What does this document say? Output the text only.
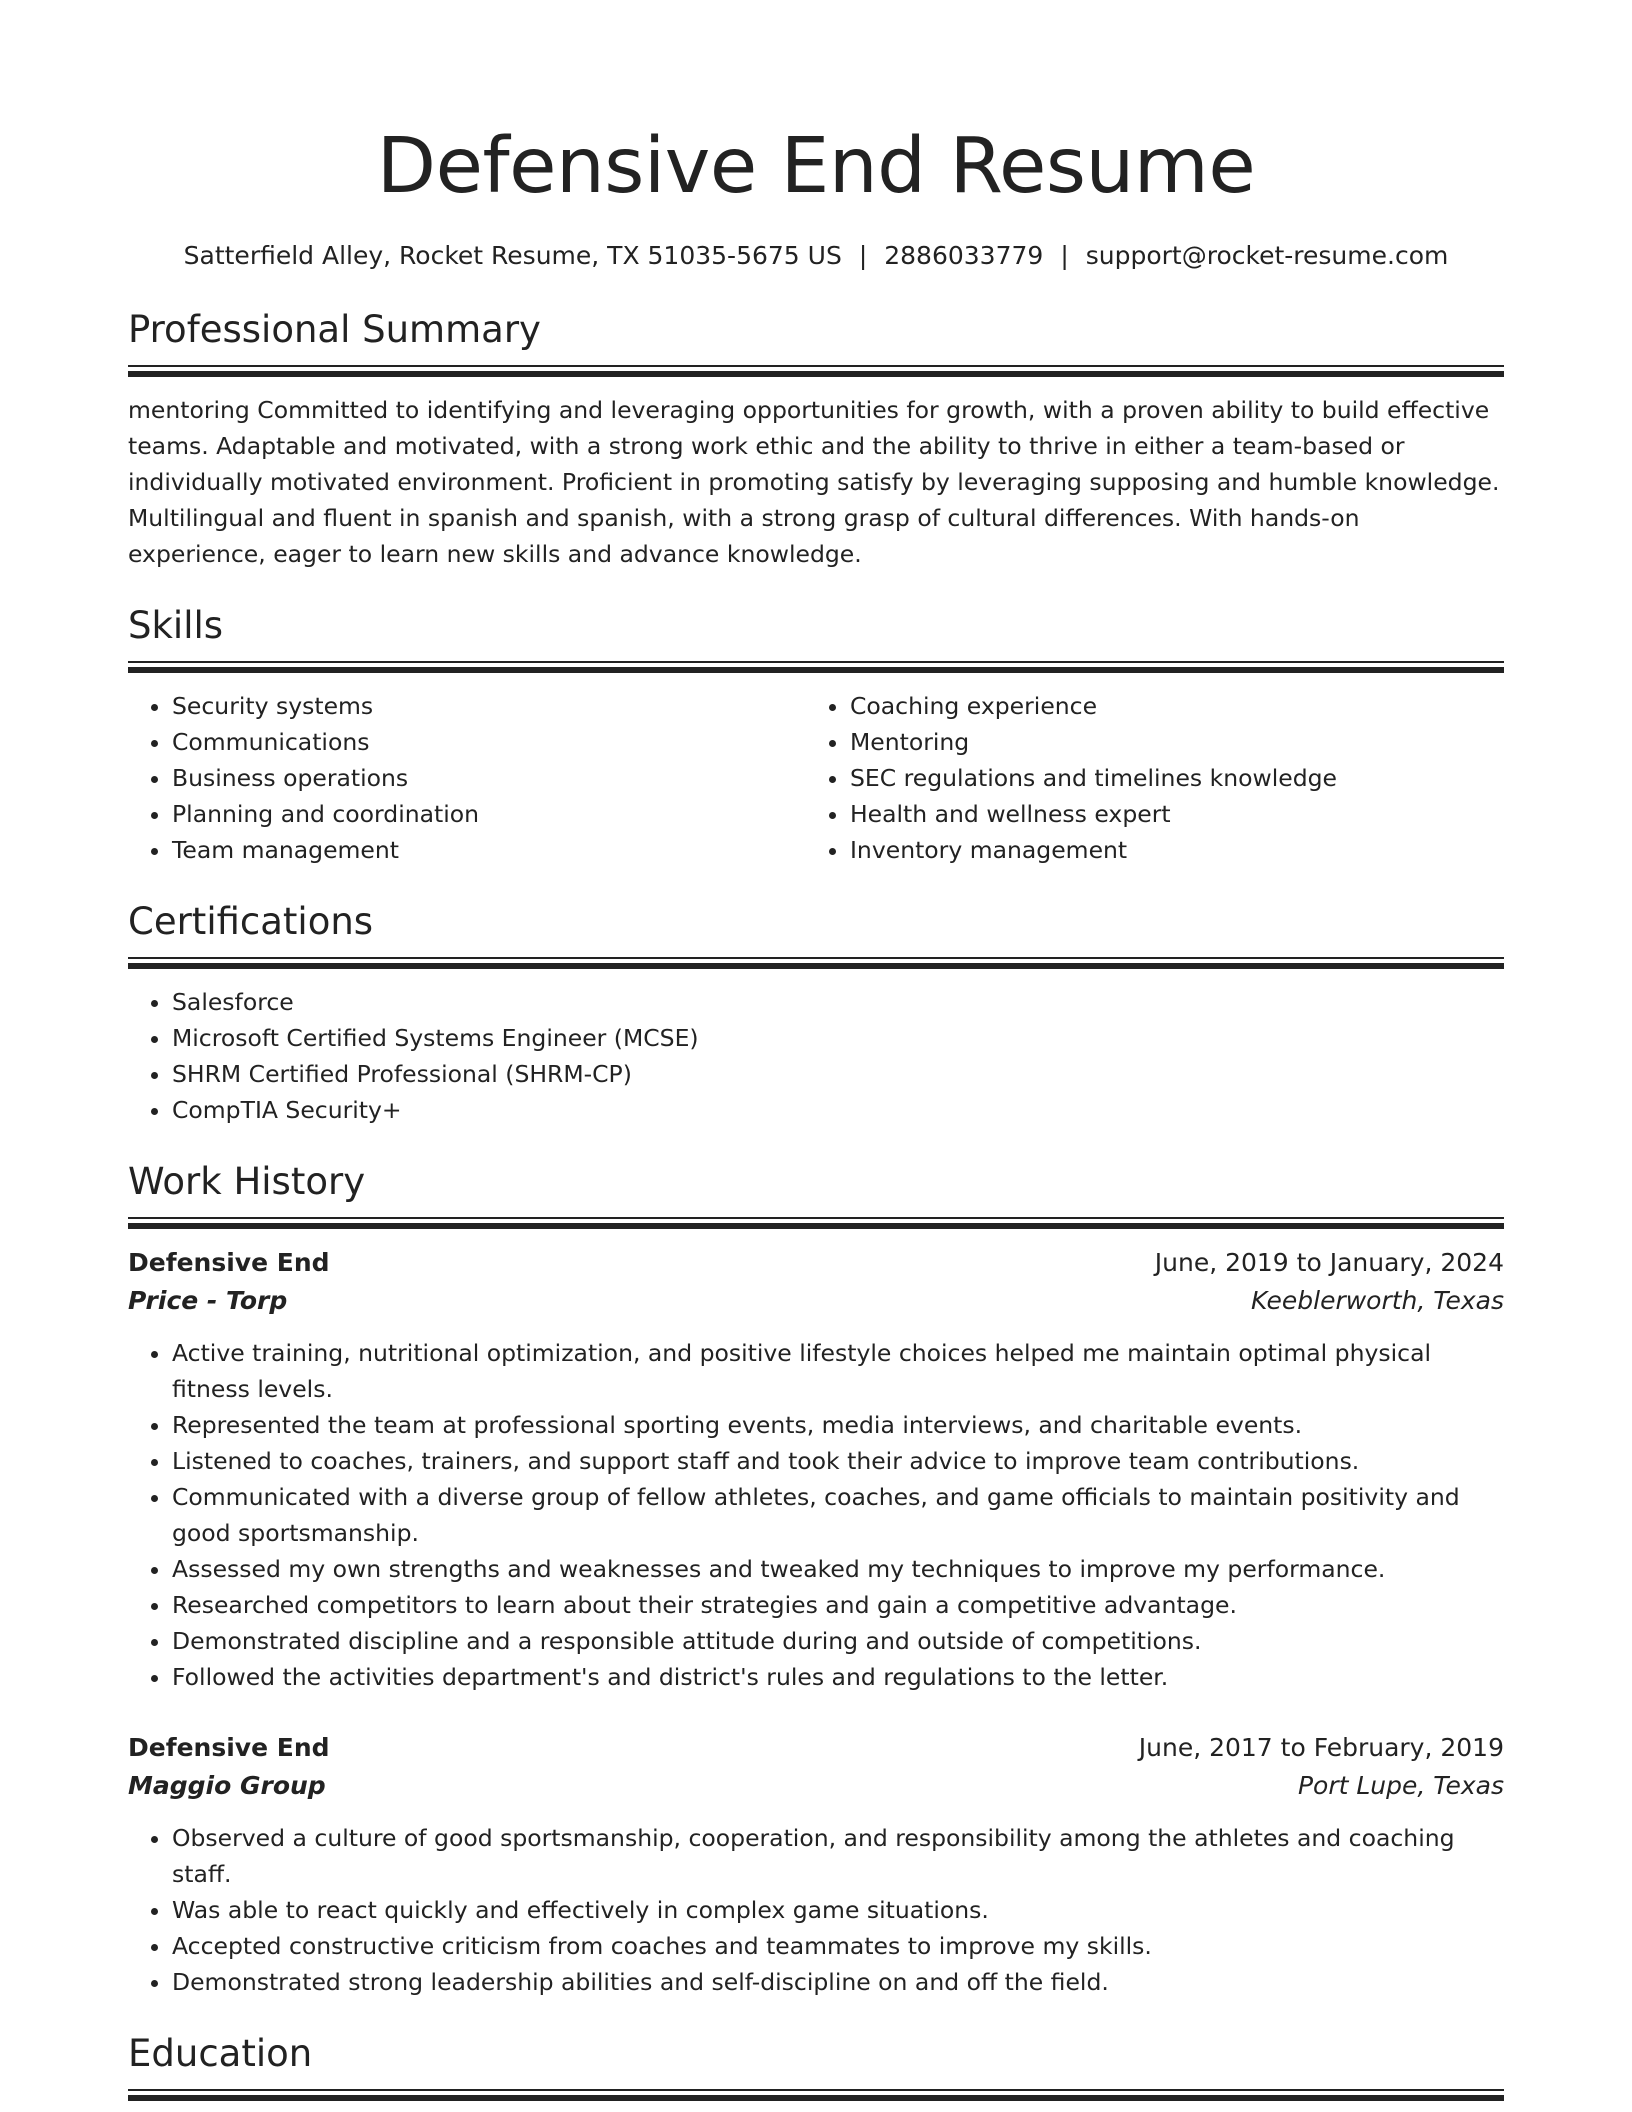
Defensive End Resume
Satterfield Alley, Rocket Resume, TX 51035-5675 US | 2886033779 | support@rocket-resume.com
Professional Summary

mentoring Committed to identifying and leveraging opportunities for growth, with a proven ability to build effective teams. Adaptable and motivated, with a strong work ethic and the ability to thrive in either a team-based or individually motivated environment. Proficient in promoting satisfy by leveraging supposing and humble knowledge. Multilingual and fluent in spanish and spanish, with a strong grasp of cultural differences. With hands-on experience, eager to learn new skills and advance knowledge.

Skills
• Security systems
• Communications
• Business operations
• Planning and coordination
• Team management
• Coaching experience
• Mentoring
• SEC regulations and timelines knowledge
• Health and wellness expert
• Inventory management
Certifications
• Salesforce
• Microsoft Certified Systems Engineer (MCSE)
• SHRM Certified Professional (SHRM-CP)
• CompTIA Security+
Work History
Defensive End	June, 2019 to January, 2024
Price - Torp	Keeblerworth, Texas
• Active training, nutritional optimization, and positive lifestyle choices helped me maintain optimal physical fitness levels.
• Represented the team at professional sporting events, media interviews, and charitable events.
• Listened to coaches, trainers, and support staff and took their advice to improve team contributions.
• Communicated with a diverse group of fellow athletes, coaches, and game officials to maintain positivity and good sportsmanship.
• Assessed my own strengths and weaknesses and tweaked my techniques to improve my performance.
• Researched competitors to learn about their strategies and gain a competitive advantage.
• Demonstrated discipline and a responsible attitude during and outside of competitions.
• Followed the activities department's and district's rules and regulations to the letter.
Defensive End	June, 2017 to February, 2019
Maggio Group	Port Lupe, Texas
• Observed a culture of good sportsmanship, cooperation, and responsibility among the athletes and coaching staff.
• Was able to react quickly and effectively in complex game situations.
• Accepted constructive criticism from coaches and teammates to improve my skills.
• Demonstrated strong leadership abilities and self-discipline on and off the field.
Education
